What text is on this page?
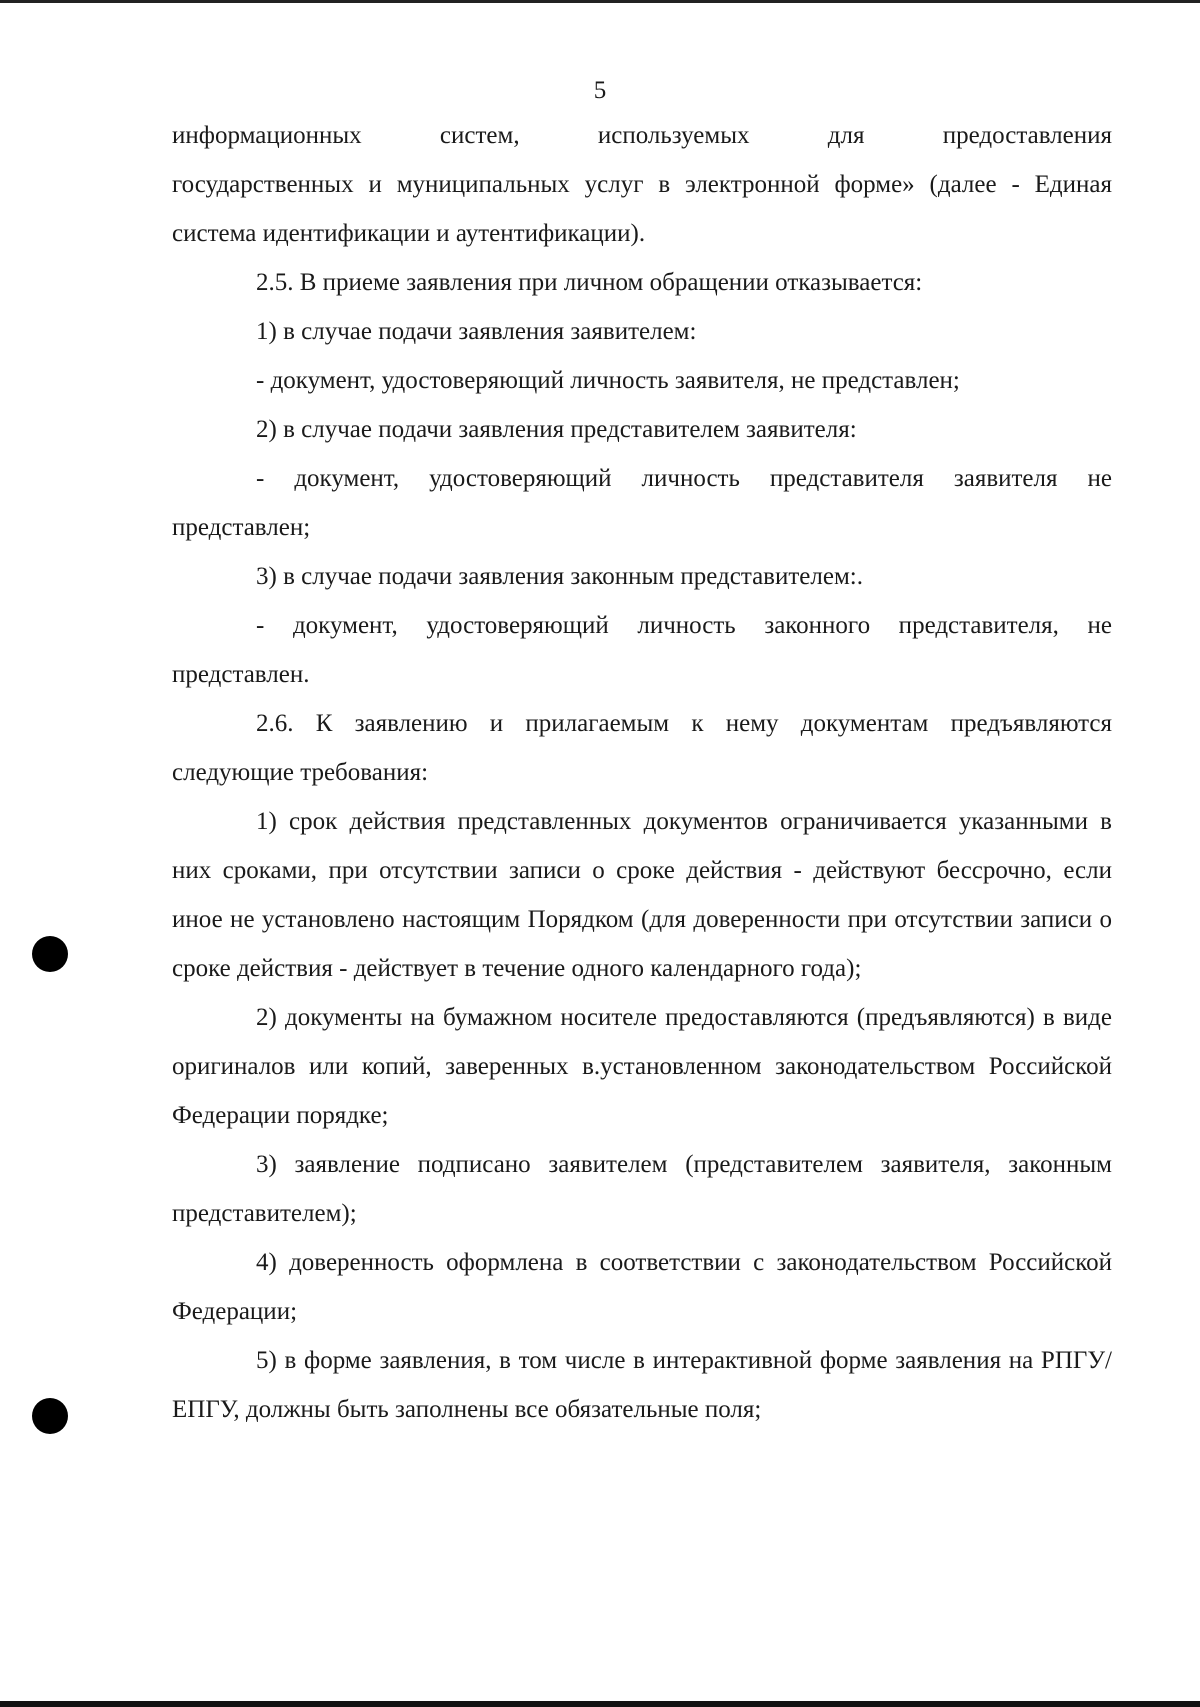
5

информационных систем, используемых для предоставления

государственных и муниципальных услуг в электронной форме» (далее - Единая система идентификации и аутентификации).

2.5. В приеме заявления при личном обращении отказывается:

1) в случае подачи заявления заявителем:

- документ, удостоверяющий личность заявителя, не представлен;

2) в случае подачи заявления представителем заявителя:

- документ, удостоверяющий личность представителя заявителя не представлен;

3) в случае подачи заявления законным представителем:.

- документ, удостоверяющий личность законного представителя, не представлен.

2.6. К заявлению и прилагаемым к нему документам предъявляются следующие требования:

1) срок действия представленных документов ограничивается указанными в них сроками, при отсутствии записи о сроке действия - действуют бессрочно, если иное не установлено настоящим Порядком (для доверенности при отсутствии записи о сроке действия - действует в течение одного календарного года);

2) документы на бумажном носителе предоставляются (предъявляются) в виде оригиналов или копий, заверенных в.установленном законодательством Российской Федерации порядке;

3) заявление подписано заявителем (представителем заявителя, законным представителем);

4) доверенность оформлена в соответствии с законодательством Российской Федерации;

5) в форме заявления, в том числе в интерактивной форме заявления на РПГУ/ЕПГУ, должны быть заполнены все обязательные поля;
